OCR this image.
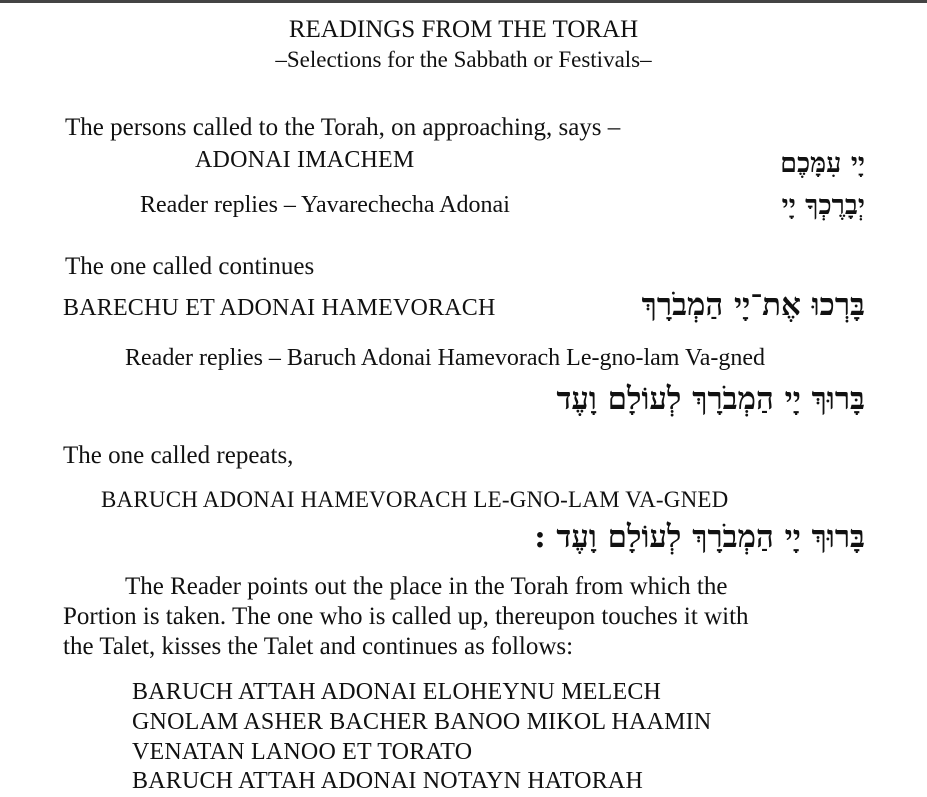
READINGS FROM THE TORAH
–Selections for the Sabbath or Festivals–
The persons called to the Torah, on approaching, says –
ADONAI IMACHEM	יָי עִמָּכֶם
Reader replies – Yavarechecha Adonai	יְבָרֶכְךָ יָי
The one called continues
BARECHU ET ADONAI HAMEVORACH	בָּרְכוּ אֶת־יָי הַמְבֹרָךְ
Reader replies – Baruch Adonai Hamevorach Le-gno-lam Va-gned
בָּרוּךְ יָי הַמְבֹרָךְ לְעוֹלָם וָעֶד
The one called repeats,
BARUCH ADONAI HAMEVORACH LE-GNO-LAM VA-GNED
בָּרוּךְ יָי הַמְבֹרָךְ לְעוֹלָם וָעֶד :
The Reader points out the place in the Torah from which the
Portion is taken. The one who is called up, thereupon touches it with
the Talet, kisses the Talet and continues as follows:
BARUCH ATTAH ADONAI ELOHEYNU MELECH
GNOLAM ASHER BACHER BANOO MIKOL HAAMIN
VENATAN LANOO ET TORATO
BARUCH ATTAH ADONAI NOTAYN HATORAH
